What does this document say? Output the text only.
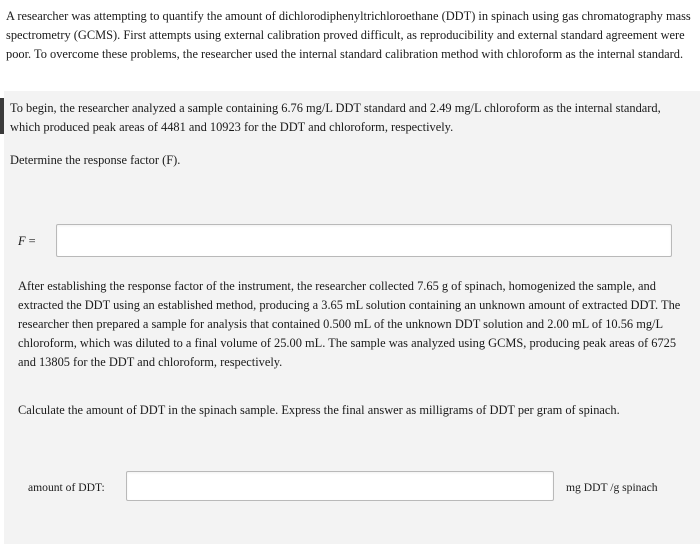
A researcher was attempting to quantify the amount of dichlorodiphenyltrichloroethane (DDT) in spinach using gas chromatography mass spectrometry (GCMS). First attempts using external calibration proved difficult, as reproducibility and external standard agreement were poor. To overcome these problems, the researcher used the internal standard calibration method with chloroform as the internal standard.

To begin, the researcher analyzed a sample containing 6.76 mg/L DDT standard and 2.49 mg/L chloroform as the internal standard, which produced peak areas of 4481 and 10923 for the DDT and chloroform, respectively.

Determine the response factor (F).

F =

After establishing the response factor of the instrument, the researcher collected 7.65 g of spinach, homogenized the sample, and extracted the DDT using an established method, producing a 3.65 mL solution containing an unknown amount of extracted DDT. The researcher then prepared a sample for analysis that contained 0.500 mL of the unknown DDT solution and 2.00 mL of 10.56 mg/L chloroform, which was diluted to a final volume of 25.00 mL. The sample was analyzed using GCMS, producing peak areas of 6725 and 13805 for the DDT and chloroform, respectively.

Calculate the amount of DDT in the spinach sample. Express the final answer as milligrams of DDT per gram of spinach.

amount of DDT:	mg DDT /g spinach
